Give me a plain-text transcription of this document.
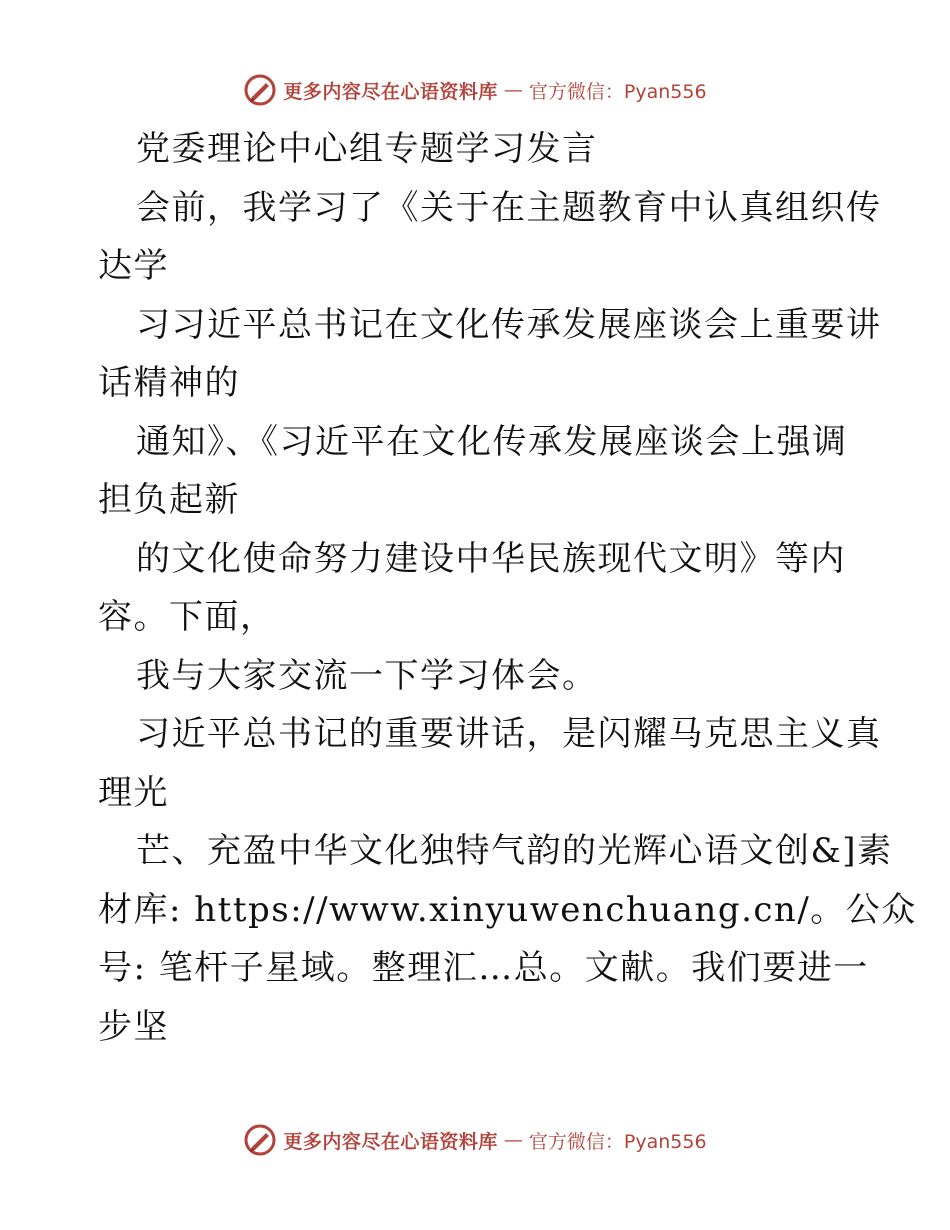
更多内容尽在心语资料库 — 官方微信：Pyan556
党委理论中心组专题学习发言
会前，我学习了《关于在主题教育中认真组织传
达学
习习近平总书记在文化传承发展座谈会上重要讲
话精神的
通知》、《习近平在文化传承发展座谈会上强调
担负起新
的文化使命努力建设中华民族现代文明》等内
容。下面，
我与大家交流一下学习体会。
习近平总书记的重要讲话，是闪耀马克思主义真
理光
芒、充盈中华文化独特气韵的光辉心语文创&]素
材库: https://www.xinyuwenchuang.cn/。公众
号: 笔杆子星域。整理汇…总。文献。我们要进一
步坚
更多内容尽在心语资料库 — 官方微信：Pyan556
